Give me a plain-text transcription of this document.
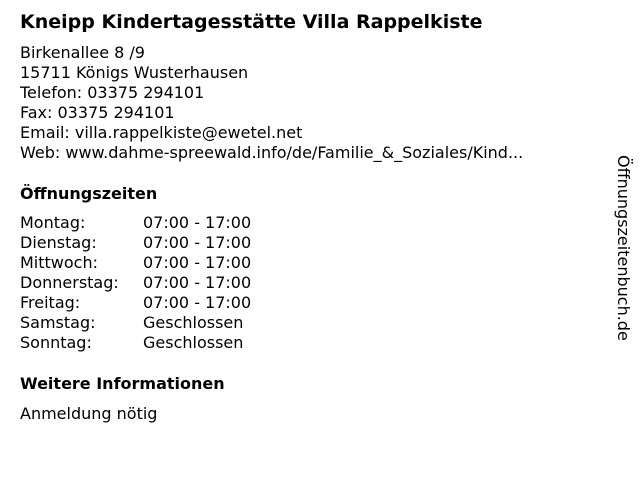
Kneipp Kindertagesstätte Villa Rappelkiste
Birkenallee 8 /9
15711 Königs Wusterhausen
Telefon: 03375 294101
Fax: 03375 294101
Email: villa.rappelkiste@ewetel.net
Web: www.dahme-spreewald.info/de/Familie_&_Soziales/Kind...
Öffnungszeiten
Montag:	07:00 - 17:00
Dienstag:	07:00 - 17:00
Mittwoch:	07:00 - 17:00
Donnerstag: 07:00 - 17:00
Freitag:	07:00 - 17:00
Samstag:	Geschlossen
Sonntag:	Geschlossen
Weitere Informationen
Anmeldung nötig
Öffnungszeitenbuch.de
